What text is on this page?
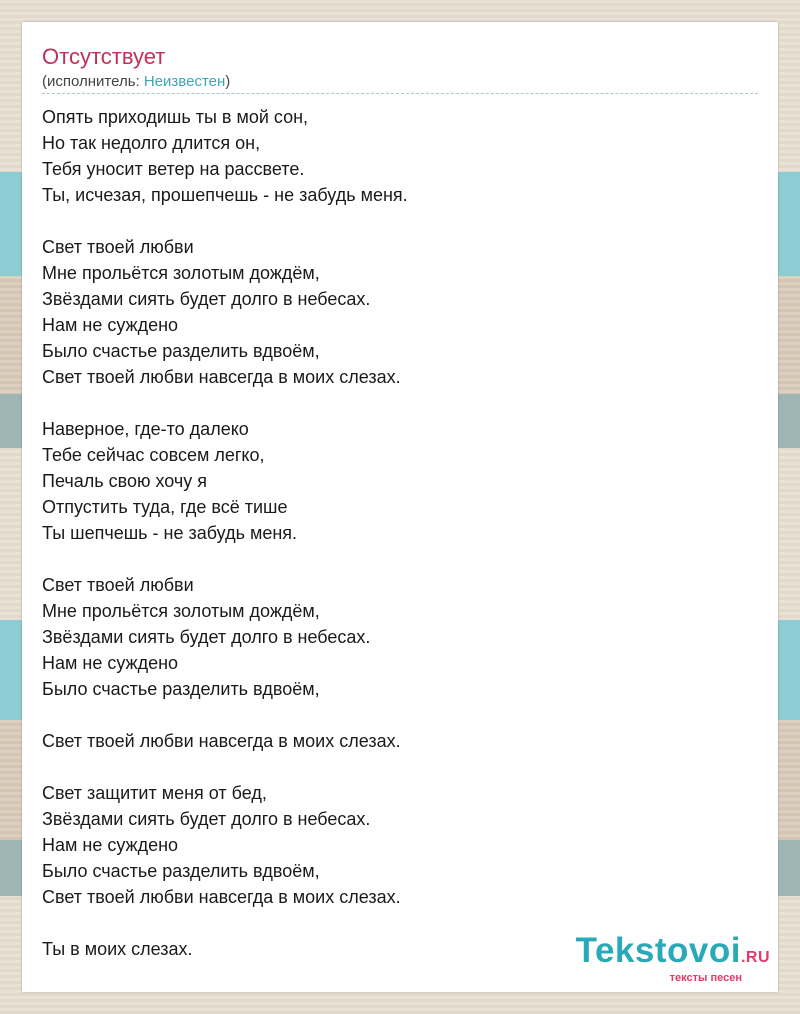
Отсутствует
(исполнитель: Неизвестен)
Опять приходишь ты в мой сон,
Но так недолго длится он,
Тебя уносит ветер на рассвете.
Ты, исчезая, прошепчешь - не забудь меня.
Свет твоей любви
Мне прольётся золотым дождём,
Звёздами сиять будет долго в небесах.
Нам не суждено
Было счастье разделить вдвоём,
Свет твоей любви навсегда в моих слезах.
Наверное, где-то далеко
Тебе сейчас совсем легко,
Печаль свою хочу я
Отпустить туда, где всё тише
Ты шепчешь - не забудь меня.
Свет твоей любви
Мне прольётся золотым дождём,
Звёздами сиять будет долго в небесах.
Нам не суждено
Было счастье разделить вдвоём,
Свет твоей любви навсегда в моих слезах.
Свет защитит меня от бед,
Звёздами сиять будет долго в небесах.
Нам не суждено
Было счастье разделить вдвоём,
Свет твоей любви навсегда в моих слезах.
Ты в моих слезах.	Tekstovoi.RU
тексты песен
